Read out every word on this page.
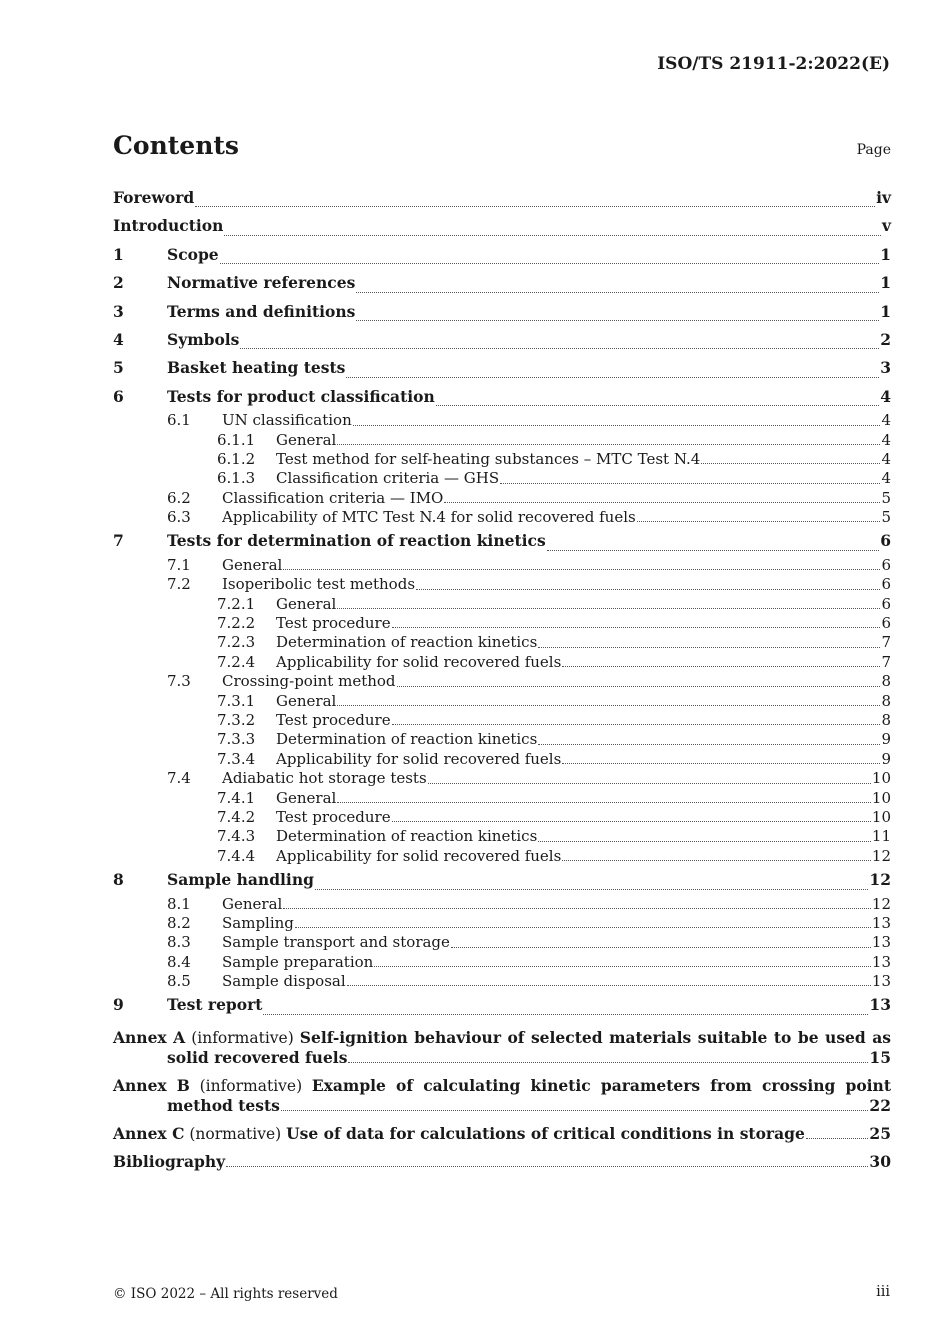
ISO/TS 21911-2:2022(E)
Contents	Page
Foreword	iv
Introduction	v
1	Scope	1
2	Normative references	1
3	Terms and definitions	1
4	Symbols	2
5	Basket heating tests	3
6	Tests for product classification	4
6.1	UN classification	4
6.1.1	General	4
6.1.2	Test method for self-heating substances – MTC Test N.4	4
6.1.3	Classification criteria — GHS	4
6.2	Classification criteria — IMO	5
6.3	Applicability of MTC Test N.4 for solid recovered fuels	5
7	Tests for determination of reaction kinetics	6
7.1	General	6
7.2	Isoperibolic test methods	6
7.2.1	General	6
7.2.2	Test procedure	6
7.2.3	Determination of reaction kinetics	7
7.2.4	Applicability for solid recovered fuels	7
7.3	Crossing-point method	8
7.3.1	General	8
7.3.2	Test procedure	8
7.3.3	Determination of reaction kinetics	9
7.3.4	Applicability for solid recovered fuels	9
7.4	Adiabatic hot storage tests	10
7.4.1	General	10
7.4.2	Test procedure	10
7.4.3	Determination of reaction kinetics	11
7.4.4	Applicability for solid recovered fuels	12
8	Sample handling	12
8.1	General	12
8.2	Sampling	13
8.3	Sample transport and storage	13
8.4	Sample preparation	13
8.5	Sample disposal	13
9	Test report	13
Annex A (informative) Self-ignition behaviour of selected materials suitable to be used as
solid recovered fuels	15
Annex B (informative) Example of calculating kinetic parameters from crossing point
method tests	22
Annex C
(normative)
Use of data for calculations of critical conditions in storage	25
Bibliography	30
© ISO 2022 – All rights reserved	iii
